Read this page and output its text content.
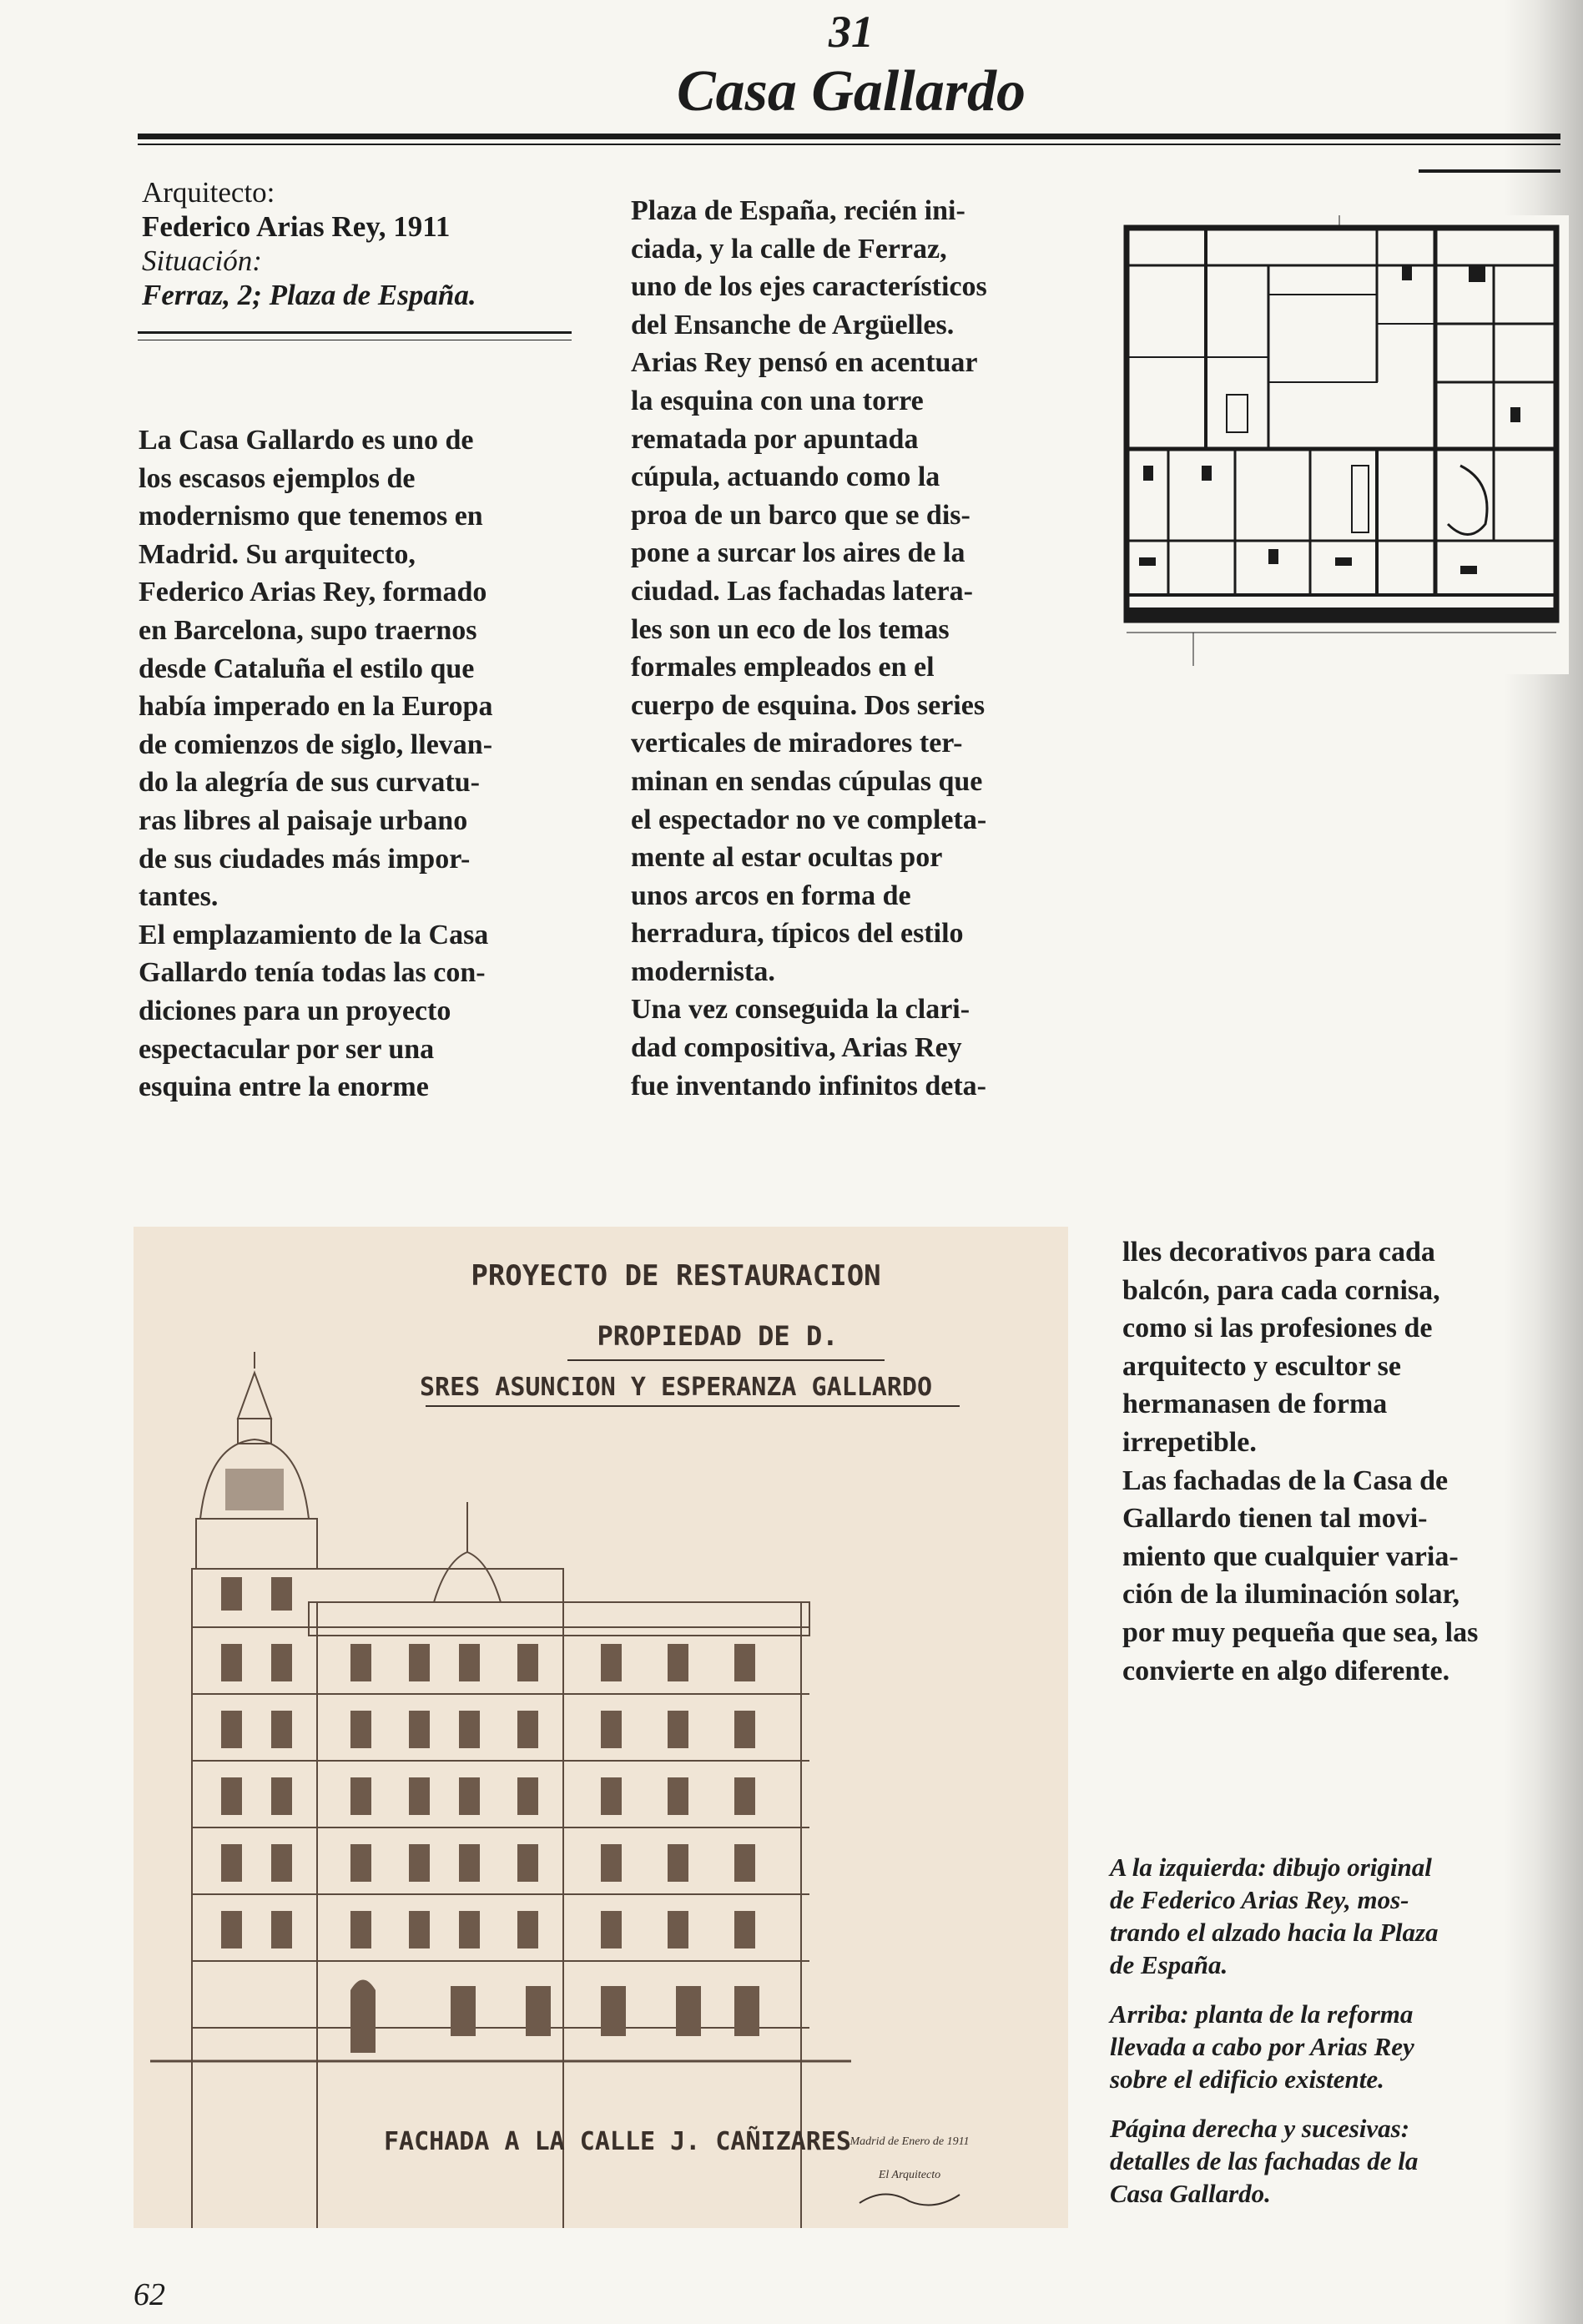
31
Casa Gallardo
Arquitecto:
Federico Arias Rey, 1911
Situación:
Ferraz, 2; Plaza de España.

La Casa Gallardo es uno de

los escasos ejemplos de

modernismo que tenemos en

Madrid. Su arquitecto,

Federico Arias Rey, formado

en Barcelona, supo traernos

desde Cataluña el estilo que

había imperado en la Europa

de comienzos de siglo, llevan-

do la alegría de sus curvatu-

ras libres al paisaje urbano

de sus ciudades más impor-

tantes.

El emplazamiento de la Casa

Gallardo tenía todas las con-

diciones para un proyecto

espectacular por ser una

esquina entre la enorme

Plaza de España, recién ini-

ciada, y la calle de Ferraz,

uno de los ejes característicos

del Ensanche de Argüelles.

Arias Rey pensó en acentuar

la esquina con una torre

rematada por apuntada

cúpula, actuando como la

proa de un barco que se dis-

pone a surcar los aires de la

ciudad. Las fachadas latera-

les son un eco de los temas

formales empleados en el

cuerpo de esquina. Dos series

verticales de miradores ter-

minan en sendas cúpulas que

el espectador no ve completa-

mente al estar ocultas por

unos arcos en forma de

herradura, típicos del estilo

modernista.

Una vez conseguida la clari-

dad compositiva, Arias Rey

fue inventando infinitos deta-

lles decorativos para cada

balcón, para cada cornisa,

como si las profesiones de

arquitecto y escultor se

hermanasen de forma

irrepetible.

Las fachadas de la Casa de

Gallardo tienen tal movi-

miento que cualquier varia-

ción de la iluminación solar,

por muy pequeña que sea, las

convierte en algo diferente.

A la izquierda: dibujo original
de Federico Arias Rey, mos-
trando el alzado hacia la Plaza
de España.

Arriba: planta de la reforma
llevada a cabo por Arias Rey
sobre el edificio existente.

Página derecha y sucesivas:
detalles de las fachadas de la
Casa Gallardo.

PROYECTO DE RESTAURACION
PROPIEDAD DE D.
SRES ASUNCION Y ESPERANZA GALLARDO
FACHADA A LA CALLE J. CAÑIZARES
Madrid de Enero de 1911
El Arquitecto
62
